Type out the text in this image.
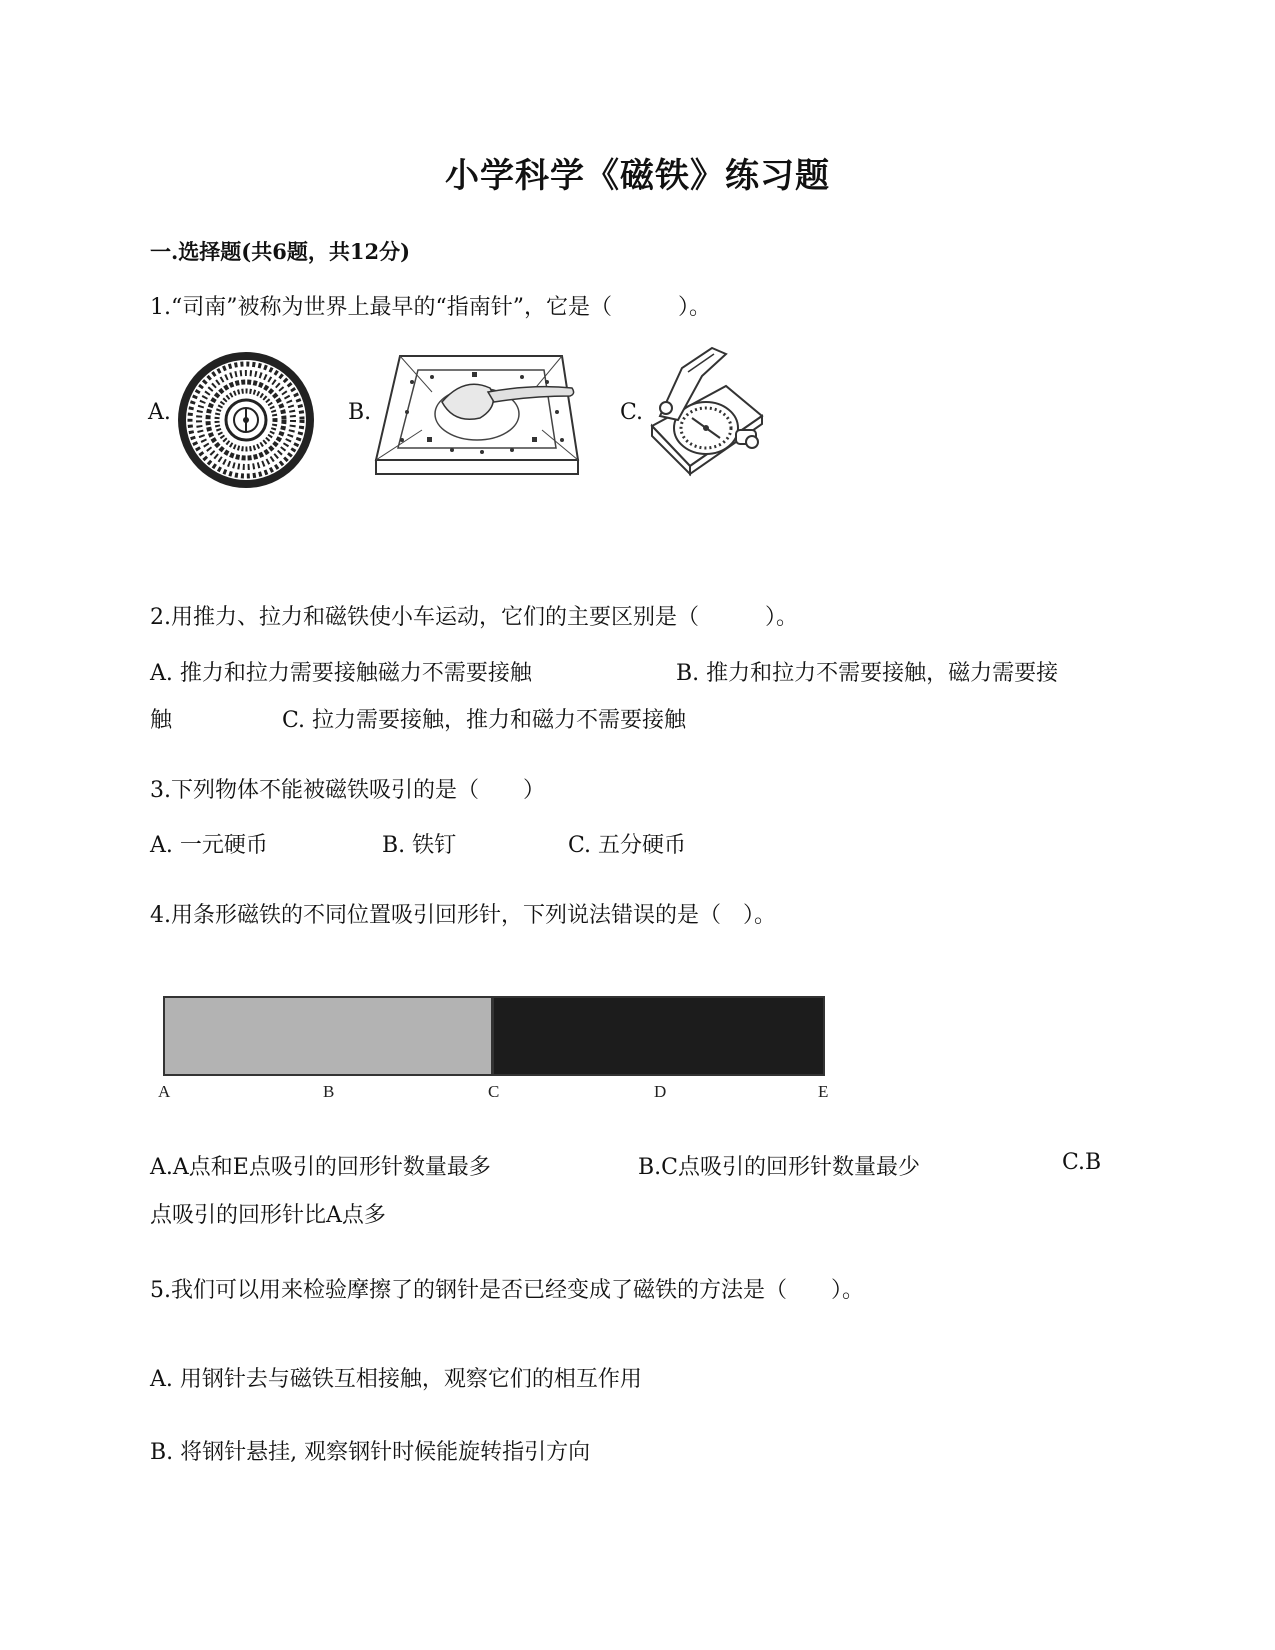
小学科学《磁铁》练习题
一.选择题(共6题，共12分)
1.“司南”被称为世界上最早的“指南针”，它是（　　　）。
A.	B.	C.
2.用推力、拉力和磁铁使小车运动，它们的主要区别是（　　　）。
A. 推力和拉力需要接触磁力不需要接触	B. 推力和拉力不需要接触，磁力需要接
触	C. 拉力需要接触，推力和磁力不需要接触
3.下列物体不能被磁铁吸引的是（　　）
A. 一元硬币	B. 铁钉	C. 五分硬币
4.用条形磁铁的不同位置吸引回形针，下列说法错误的是（　）。
A	B	C	D	E
A.A点和E点吸引的回形针数量最多	B.C点吸引的回形针数量最少	C.B
点吸引的回形针比A点多
5.我们可以用来检验摩擦了的钢针是否已经变成了磁铁的方法是（　　）。
A. 用钢针去与磁铁互相接触，观察它们的相互作用
B. 将钢针悬挂, 观察钢针时候能旋转指引方向
